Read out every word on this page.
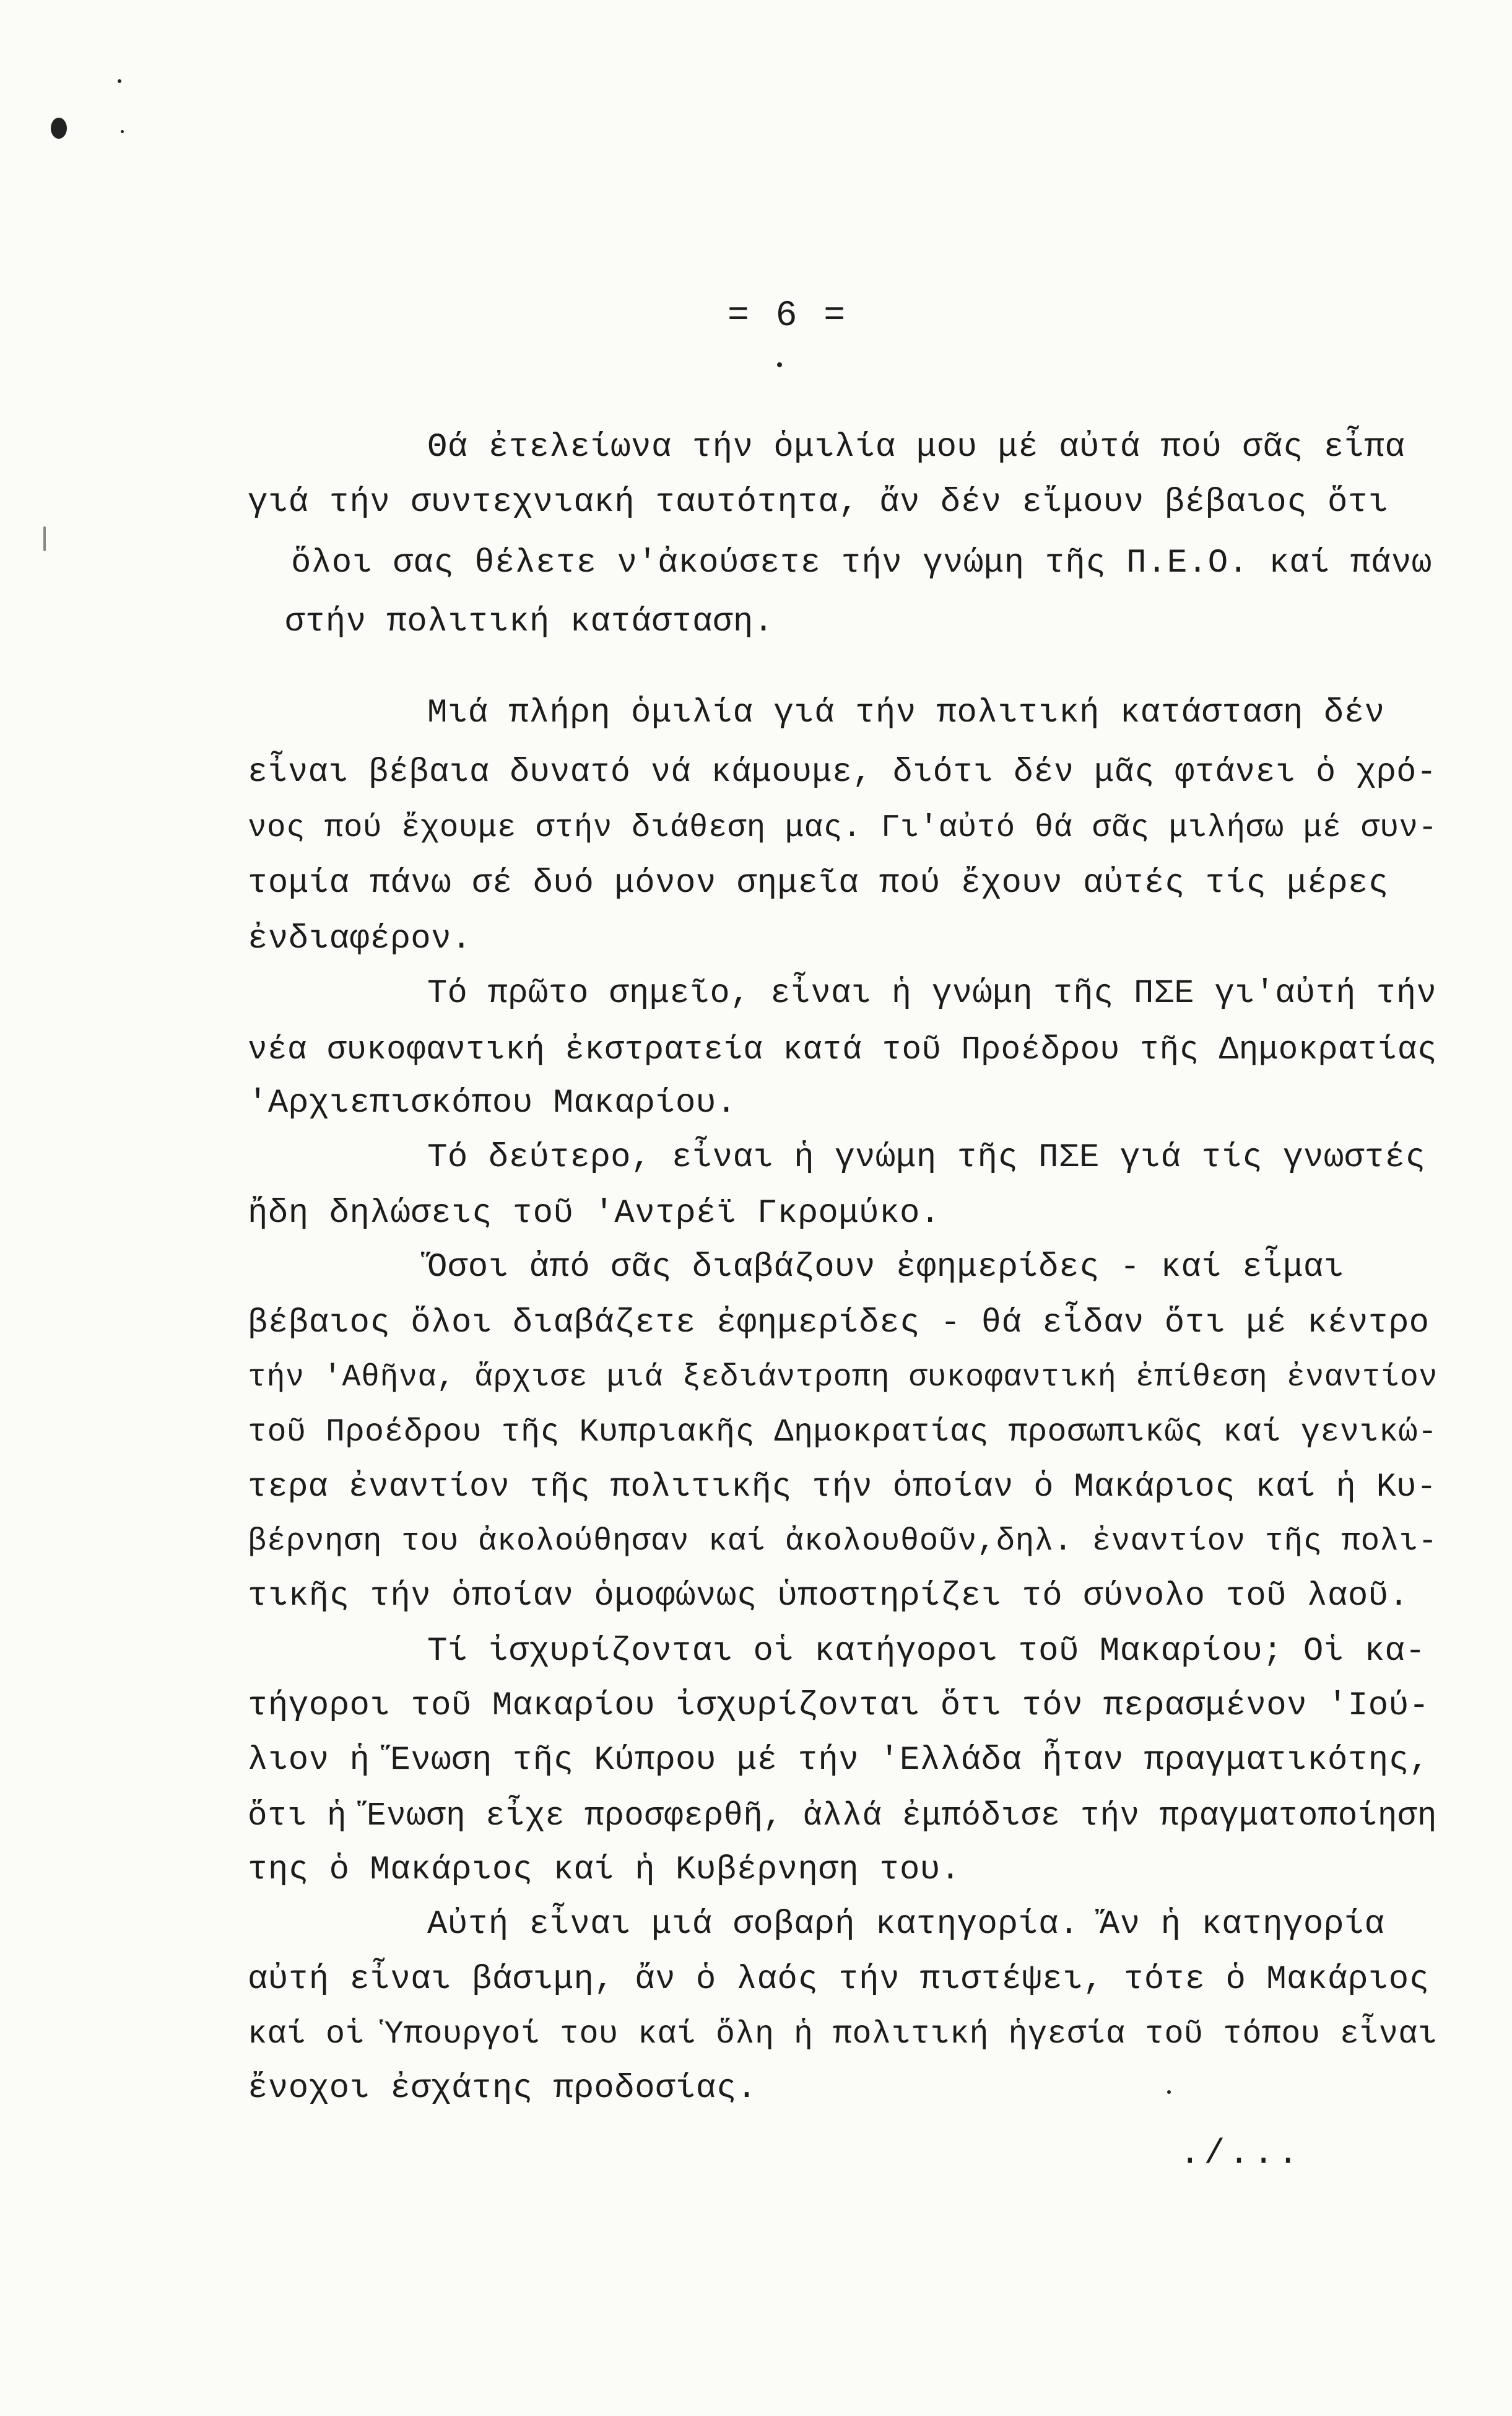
= 6 =
Θά ἐτελείωνα τήν ὁμιλία μου μέ αὐτά πού σᾶς εἶπα
γιά τήν συντεχνιακή ταυτότητα, ἄν δέν εἴμουν βέβαιος ὅτι
ὅλοι σας θέλετε ν'ἀκούσετε τήν γνώμη τῆς Π.Ε.Ο. καί πάνω
στήν πολιτική κατάσταση.
Μιά πλήρη ὁμιλία γιά τήν πολιτική κατάσταση δέν
εἶναι βέβαια δυνατό νά κάμουμε, διότι δέν μᾶς φτάνει ὁ χρό-
νος πού ἔχουμε στήν διάθεση μας. Γι'αὐτό θά σᾶς μιλήσω μέ συν-
τομία πάνω σέ δυό μόνον σημεῖα πού ἔχουν αὐτές τίς μέρες
ἐνδιαφέρον.
Τό πρῶτο σημεῖο, εἶναι ἡ γνώμη τῆς ΠΣΕ γι'αὐτή τήν
νέα συκοφαντική ἐκστρατεία κατά τοῦ Προέδρου τῆς Δημοκρατίας
'Αρχιεπισκόπου Μακαρίου.
Τό δεύτερο, εἶναι ἡ γνώμη τῆς ΠΣΕ γιά τίς γνωστές
ἤδη δηλώσεις τοῦ 'Αντρέϊ Γκρομύκο.
Ὅσοι ἀπό σᾶς διαβάζουν ἐφημερίδες - καί εἶμαι
βέβαιος ὅλοι διαβάζετε ἐφημερίδες - θά εἶδαν ὅτι μέ κέντρο
τήν 'Αθῆνα, ἄρχισε μιά ξεδιάντροπη συκοφαντική ἐπίθεση ἐναντίον
τοῦ Προέδρου τῆς Κυπριακῆς Δημοκρατίας προσωπικῶς καί γενικώ-
τερα ἐναντίον τῆς πολιτικῆς τήν ὁποίαν ὁ Μακάριος καί ἡ Κυ-
βέρνηση του ἀκολούθησαν καί ἀκολουθοῦν,δηλ. ἐναντίον τῆς πολι-
τικῆς τήν ὁποίαν ὁμοφώνως ὑποστηρίζει τό σύνολο τοῦ λαοῦ.
Τί ἰσχυρίζονται οἱ κατήγοροι τοῦ Μακαρίου; Οἱ κα-
τήγοροι τοῦ Μακαρίου ἰσχυρίζονται ὅτι τόν περασμένον 'Ιού-
λιον ἡ Ἕνωση τῆς Κύπρου μέ τήν 'Ελλάδα ἦταν πραγματικότης,
ὅτι ἡ Ἕνωση εἶχε προσφερθῆ, ἀλλά ἐμπόδισε τήν πραγματοποίηση
της ὁ Μακάριος καί ἡ Κυβέρνηση του.
Αὐτή εἶναι μιά σοβαρή κατηγορία. Ἄν ἡ κατηγορία
αὐτή εἶναι βάσιμη, ἄν ὁ λαός τήν πιστέψει, τότε ὁ Μακάριος
καί οἱ Ὑπουργοί του καί ὅλη ἡ πολιτική ἡγεσία τοῦ τόπου εἶναι
ἔνοχοι ἐσχάτης προδοσίας.
./...
